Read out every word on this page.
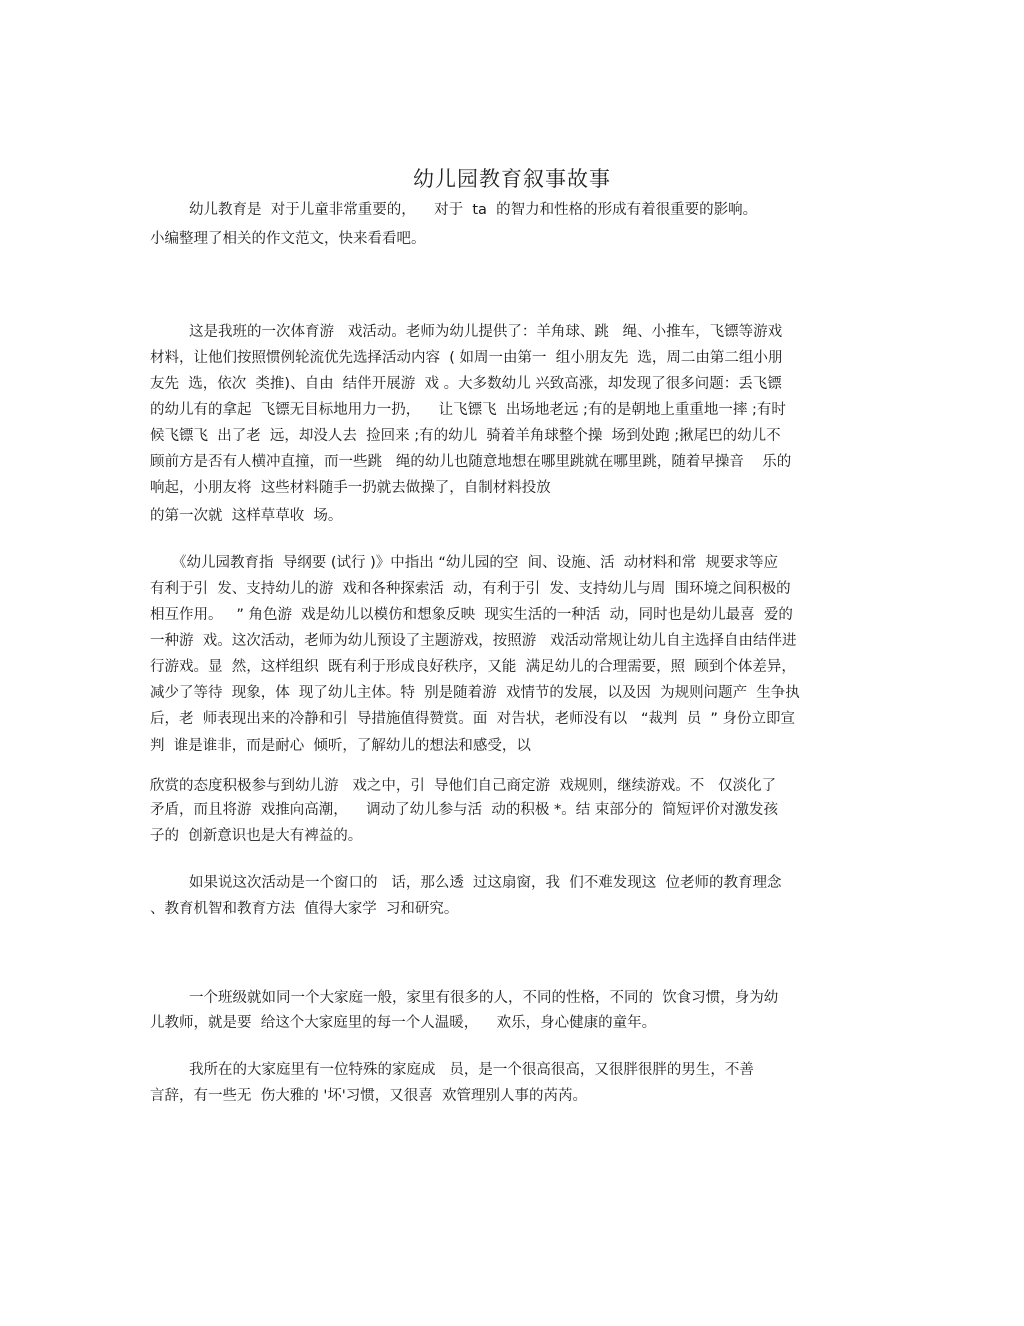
幼儿园教育叙事故事

幼儿教育是  对于儿童非常重要的，    对于  ta  的智力和性格的形成有着很重要的影响。

小编整理了相关的作文范文，快来看看吧。

这是我班的一次体育游   戏活动。老师为幼儿提供了：羊角球、跳   绳、小推车，飞镖等游戏

材料，让他们按照惯例轮流优先选择活动内容  ( 如周一由第一  组小朋友先  选，周二由第二组小朋

友先  选，依次  类推)、自由  结伴开展游  戏 。大多数幼儿 兴致高涨，却发现了很多问题：丢飞镖

的幼儿有的拿起  飞镖无目标地用力一扔，    让飞镖飞  出场地老远 ;有的是朝地上重重地一摔 ;有时

候飞镖飞  出了老  远，却没人去  捡回来 ;有的幼儿  骑着羊角球整个操  场到处跑 ;揪尾巴的幼儿不

顾前方是否有人横冲直撞，而一些跳   绳的幼儿也随意地想在哪里跳就在哪里跳，随着早操音    乐的

响起，小朋友将  这些材料随手一扔就去做操了，自制材料投放

的第一次就  这样草草收  场。

《幼儿园教育指  导纲要 (试行 )》中指出 “幼儿园的空  间、设施、活  动材料和常  规要求等应

有利于引  发、支持幼儿的游  戏和各种探索活  动，有利于引  发、支持幼儿与周  围环境之间积极的

相互作用。   ” 角色游  戏是幼儿以模仿和想象反映  现实生活的一种活  动，同时也是幼儿最喜  爱的

一种游  戏。这次活动，老师为幼儿预设了主题游戏，按照游   戏活动常规让幼儿自主选择自由结伴进

行游戏。显  然，这样组织  既有利于形成良好秩序，又能  满足幼儿的合理需要，照  顾到个体差异，

减少了等待  现象，体  现了幼儿主体。特  别是随着游  戏情节的发展，以及因  为规则问题产  生争执

后，老  师表现出来的冷静和引  导措施值得赞赏。面  对告状，老师没有以   “裁判  员  ” 身份立即宣

判  谁是谁非，而是耐心  倾听，了解幼儿的想法和感受，以

欣赏的态度积极参与到幼儿游   戏之中，引  导他们自己商定游  戏规则，继续游戏。不   仅淡化了

矛盾，而且将游  戏推向高潮，    调动了幼儿参与活  动的积极 *。结 束部分的  简短评价对激发孩

子的  创新意识也是大有裨益的。

如果说这次活动是一个窗口的   话，那么透  过这扇窗，我  们不难发现这  位老师的教育理念

、教育机智和教育方法  值得大家学  习和研究。

一个班级就如同一个大家庭一般，家里有很多的人，不同的性格，不同的  饮食习惯，身为幼

儿教师，就是要  给这个大家庭里的每一个人温暖，    欢乐，身心健康的童年。

我所在的大家庭里有一位特殊的家庭成   员，是一个很高很高，又很胖很胖的男生，不善

言辞，有一些无  伤大雅的 '坏'习惯，又很喜  欢管理别人事的芮芮。
